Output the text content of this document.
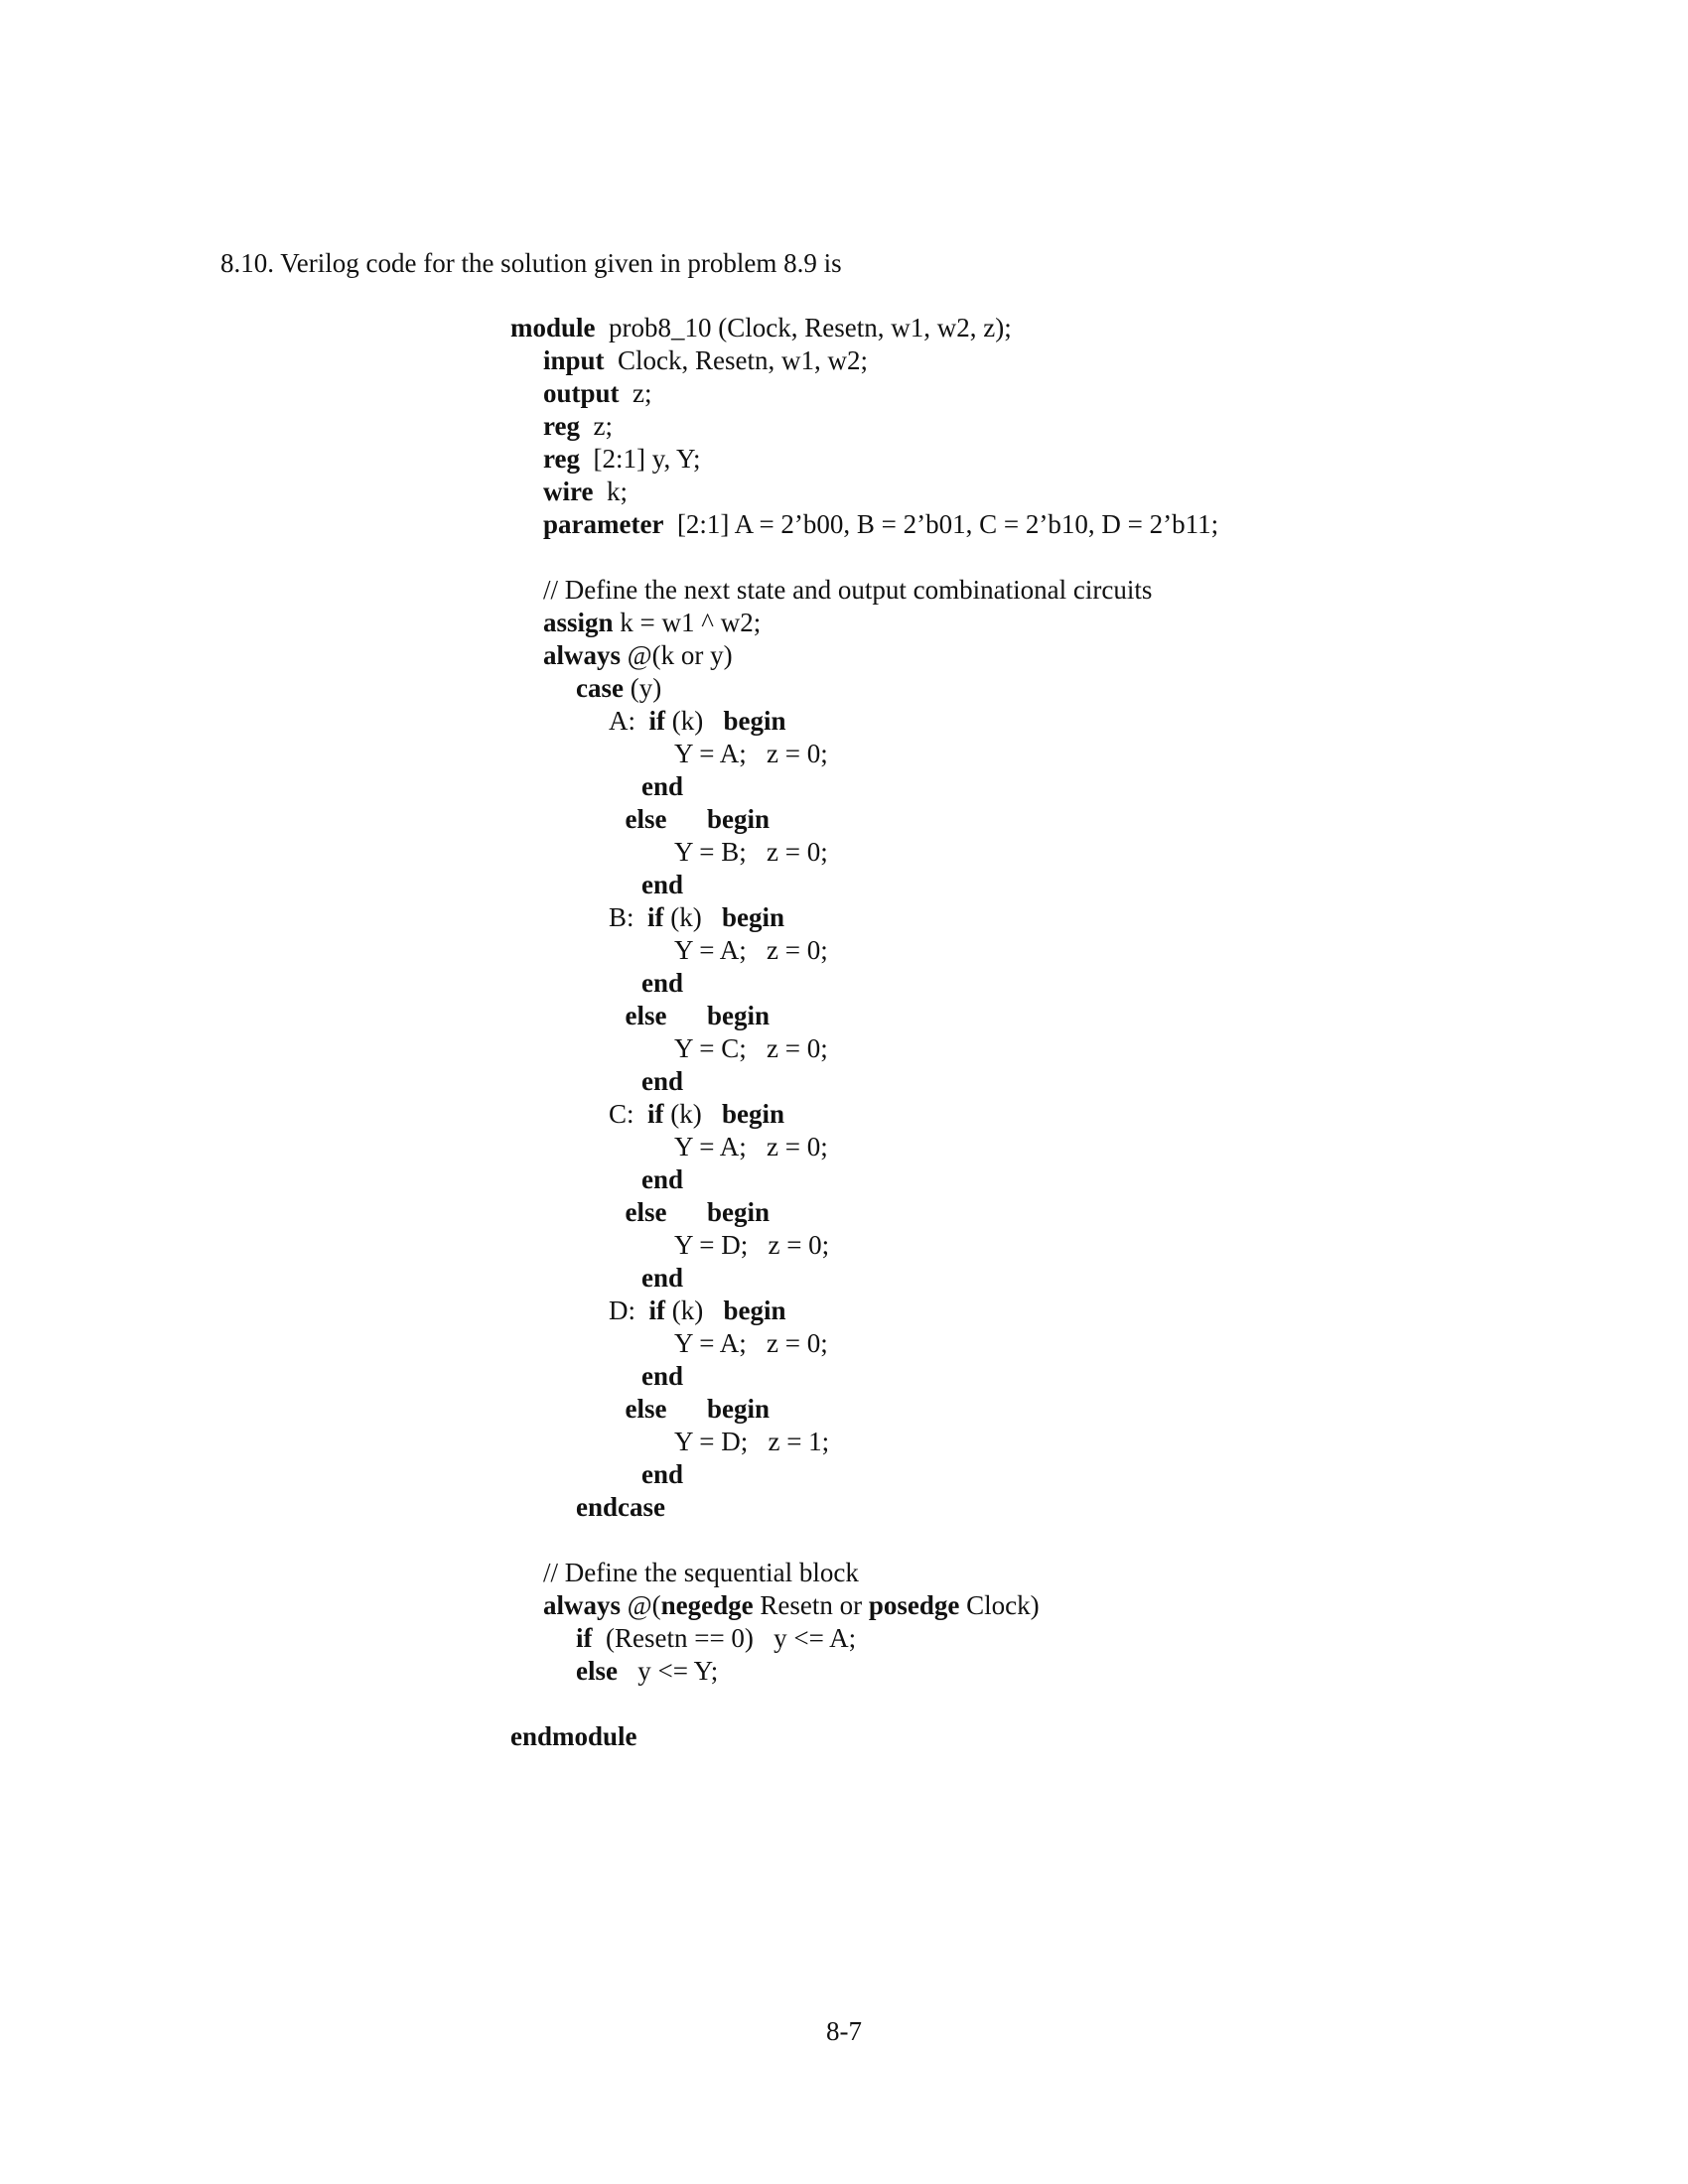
8.10. Verilog code for the solution given in problem 8.9 is
module  prob8_10 (Clock, Resetn, w1, w2, z);
input  Clock, Resetn, w1, w2;
output  z;
reg  z;
reg  [2:1] y, Y;
wire  k;
parameter  [2:1] A = 2’b00, B = 2’b01, C = 2’b10, D = 2’b11;
// Define the next state and output combinational circuits
assign k = w1 ^ w2;
always @(k or y)
case (y)
A:  if (k)   begin
Y = A;   z = 0;
end
else begin
Y = B;   z = 0;
end
B:  if (k)   begin
Y = A;   z = 0;
end
else begin
Y = C;   z = 0;
end
C:  if (k)   begin
Y = A;   z = 0;
end
else begin
Y = D;   z = 0;
end
D:  if (k)   begin
Y = A;   z = 0;
end
else begin
Y = D;   z = 1;
end
endcase
// Define the sequential block
always @(negedge Resetn or posedge Clock)
if  (Resetn == 0)   y <= A;
else   y <= Y;
endmodule
8-7
